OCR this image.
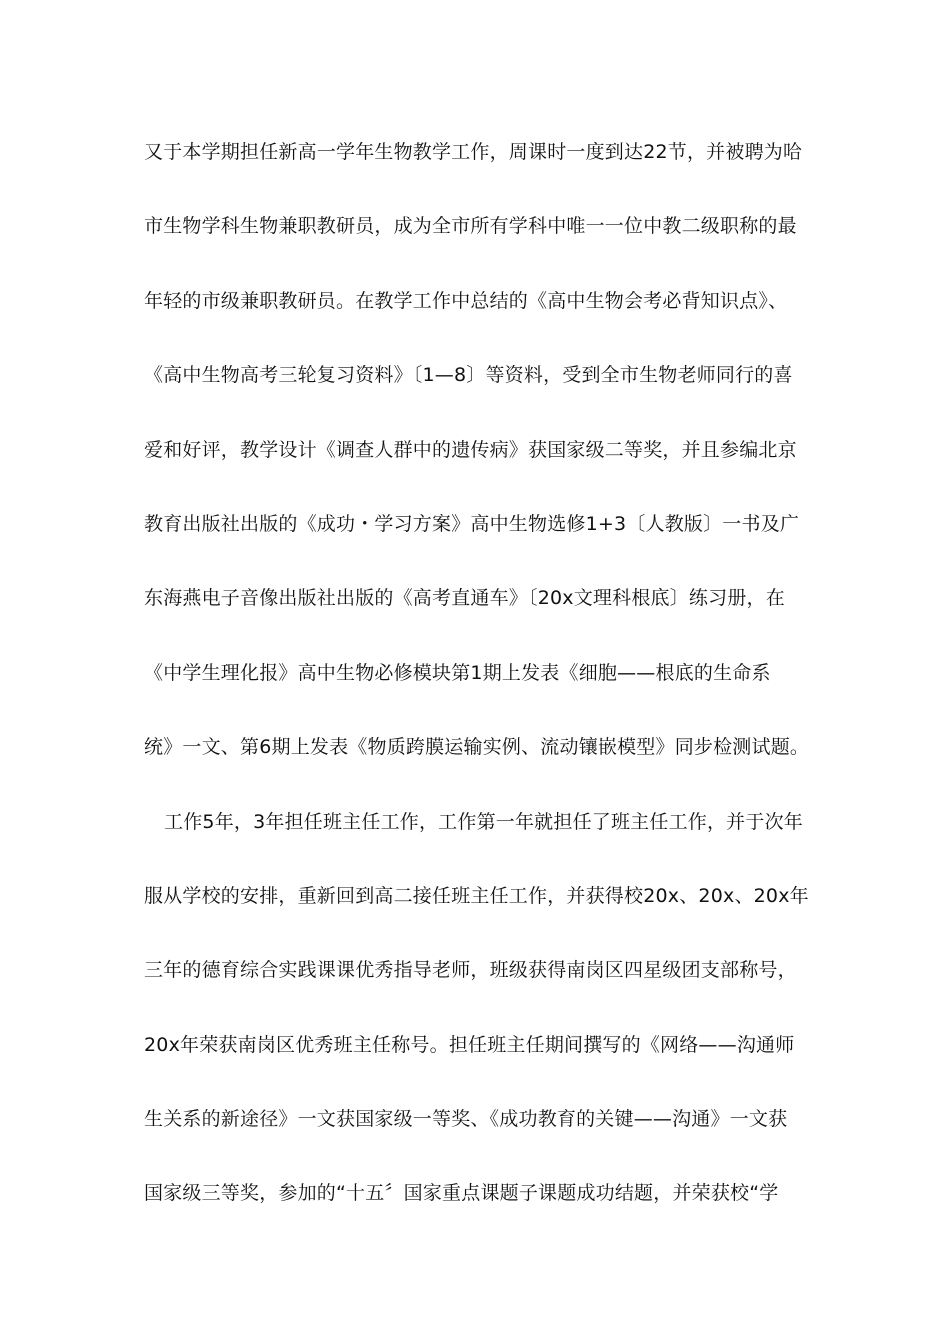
又于本学期担任新高一学年生物教学工作，周课时一度到达22节，并被聘为哈
市生物学科生物兼职教研员，成为全市所有学科中唯一一位中教二级职称的最
年轻的市级兼职教研员。在教学工作中总结的《高中生物会考必背知识点》、
《高中生物高考三轮复习资料》〔1—8〕等资料，受到全市生物老师同行的喜
爱和好评，教学设计《调查人群中的遗传病》获国家级二等奖，并且参编北京
教育出版社出版的《成功・学习方案》高中生物选修1+3〔人教版〕一书及广
东海燕电子音像出版社出版的《高考直通车》〔20x文理科根底〕练习册，在
《中学生理化报》高中生物必修模块第1期上发表《细胞——根底的生命系
统》一文、第6期上发表《物质跨膜运输实例、流动镶嵌模型》同步检测试题。
工作5年，3年担任班主任工作，工作第一年就担任了班主任工作，并于次年
服从学校的安排，重新回到高二接任班主任工作，并获得校20x、20x、20x年
三年的德育综合实践课课优秀指导老师，班级获得南岗区四星级团支部称号，
20x年荣获南岗区优秀班主任称号。担任班主任期间撰写的《网络——沟通师
生关系的新途径》一文获国家级一等奖、《成功教育的关键——沟通》一文获
国家级三等奖，参加的“十五〞国家重点课题子课题成功结题，并荣获校“学
